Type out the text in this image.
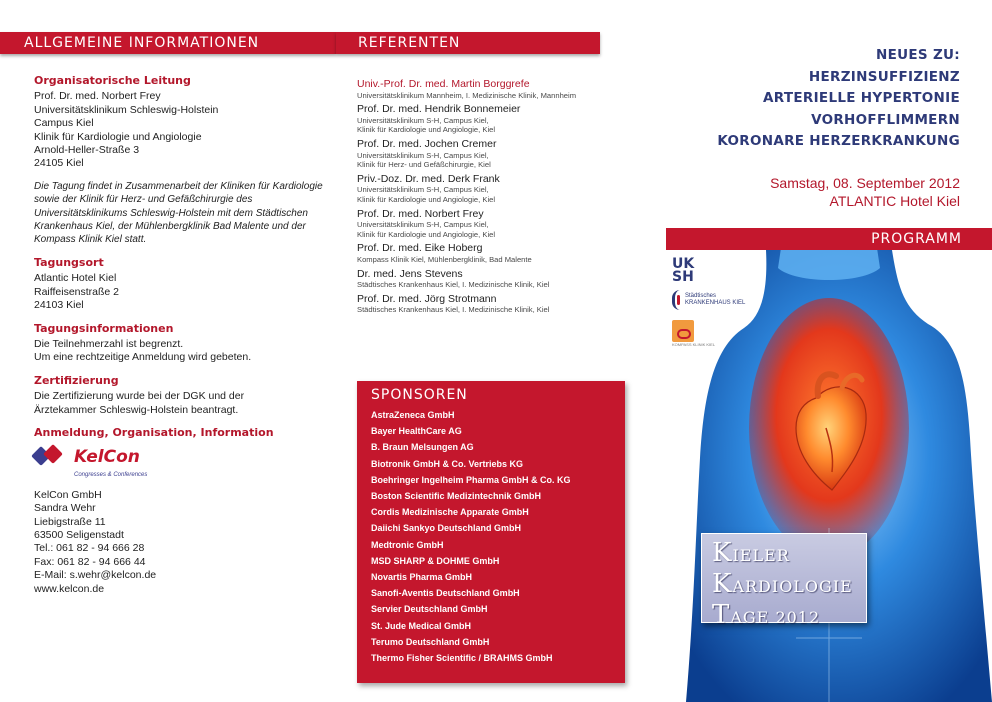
ALLGEMEINE INFORMATIONEN	REFERENTEN
Organisatorische Leitung
Prof. Dr. med. Norbert Frey
Universitätsklinikum Schleswig-Holstein
Campus Kiel
Klinik für Kardiologie und Angiologie
Arnold-Heller-Straße 3
24105 Kiel
Die Tagung findet in Zusammenarbeit der Kliniken für Kardiologie sowie der Klinik für Herz- und Gefäßchirurgie des Universitätsklinikums Schleswig-Holstein mit dem Städtischen Krankenhaus Kiel, der Mühlenbergklinik Bad Malente und der Kompass Klinik Kiel statt.
Tagungsort
Atlantic Hotel Kiel
Raiffeisenstraße 2
24103 Kiel
Tagungsinformationen
Die Teilnehmerzahl ist begrenzt.
Um eine rechtzeitige Anmeldung wird gebeten.
Zertifizierung
Die Zertifizierung wurde bei der DGK und der
Ärztekammer Schleswig-Holstein beantragt.
Anmeldung, Organisation, Information
KelCon
Congresses & Conferences
KelCon GmbH
Sandra Wehr
Liebigstraße 11
63500 Seligenstadt
Tel.: 061 82 - 94 666 28
Fax: 061 82 - 94 666 44
E-Mail: s.wehr@kelcon.de
www.kelcon.de
Univ.-Prof. Dr. med. Martin Borggrefe
Universitätsklinikum Mannheim, I. Medizinische Klinik, Mannheim
Prof. Dr. med. Hendrik Bonnemeier
Universitätsklinikum S-H, Campus Kiel,
Klinik für Kardiologie und Angiologie, Kiel
Prof. Dr. med. Jochen Cremer
Universitätsklinikum S-H, Campus Kiel,
Klinik für Herz- und Gefäßchirurgie, Kiel
Priv.-Doz. Dr. med. Derk Frank
Universitätsklinikum S-H, Campus Kiel,
Klinik für Kardiologie und Angiologie, Kiel
Prof. Dr. med. Norbert Frey
Universitätsklinikum S-H, Campus Kiel,
Klinik für Kardiologie und Angiologie, Kiel
Prof. Dr. med. Eike Hoberg
Kompass Klinik Kiel, Mühlenbergklinik, Bad Malente
Dr. med. Jens Stevens
Städtisches Krankenhaus Kiel, I. Medizinische Klinik, Kiel
Prof. Dr. med. Jörg Strotmann
Städtisches Krankenhaus Kiel, I. Medizinische Klinik, Kiel
SPONSOREN
AstraZeneca GmbH
Bayer HealthCare AG
B. Braun Melsungen AG
Biotronik GmbH & Co. Vertriebs KG
Boehringer Ingelheim Pharma GmbH & Co. KG
Boston Scientific Medizintechnik GmbH
Cordis Medizinische Apparate GmbH
Daiichi Sankyo Deutschland GmbH
Medtronic GmbH
MSD SHARP & DOHME GmbH
Novartis Pharma GmbH
Sanofi-Aventis Deutschland GmbH
Servier Deutschland GmbH
St. Jude Medical GmbH
Terumo Deutschland GmbH
Thermo Fisher Scientific / BRAHMS GmbH
NEUES ZU:
HERZINSUFFIZIENZ
ARTERIELLE HYPERTONIE
VORHOFFLIMMERN
KORONARE HERZERKRANKUNG
Samstag, 08. September 2012
ATLANTIC Hotel Kiel
PROGRAMM
UK
SH
Städtisches
KRANKENHAUS KIEL
KOMPASS KLINIK KIEL
KIELER
KARDIOLOGIE
TAGE 2012
